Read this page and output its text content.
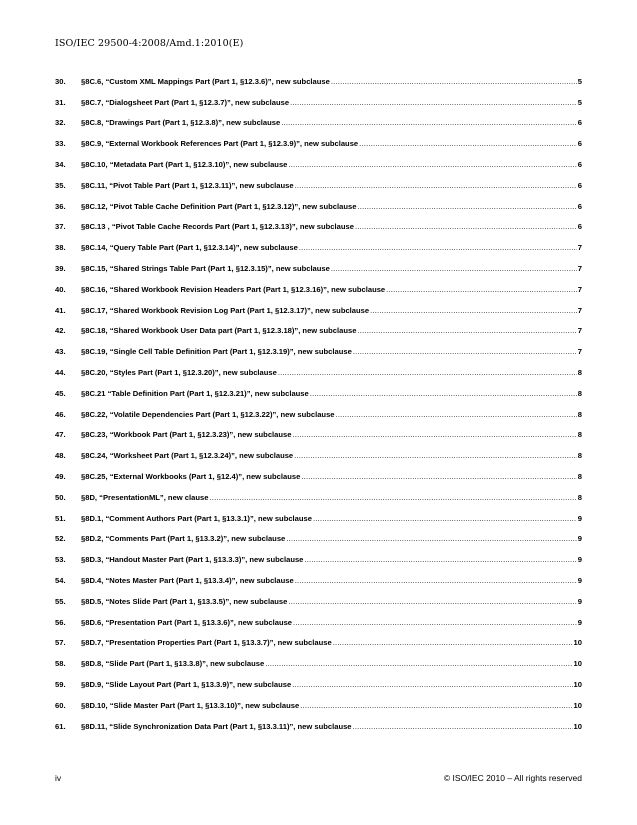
ISO/IEC 29500-4:2008/Amd.1:2010(E)
30.	§8C.6, “Custom XML Mappings Part (Part 1, §12.3.6)”, new subclause .....	5
31.	§8C.7, “Dialogsheet Part (Part 1, §12.3.7)”, new subclause .....	5
32.	§8C.8, “Drawings Part (Part 1, §12.3.8)”, new subclause .....	6
33.	§8C.9, “External Workbook References Part (Part 1, §12.3.9)”, new subclause .....	6
34.	§8C.10, “Metadata Part (Part 1, §12.3.10)”, new subclause .....	6
35.	§8C.11, “Pivot Table Part (Part 1, §12.3.11)”, new subclause .....	6
36.	§8C.12, “Pivot Table Cache Definition Part (Part 1, §12.3.12)”, new subclause .....	6
37.	§8C.13 , “Pivot Table Cache Records Part (Part 1, §12.3.13)”, new subclause .....	6
38.	§8C.14, “Query Table Part (Part 1, §12.3.14)”, new subclause .....	7
39.	§8C.15, “Shared Strings Table Part (Part 1, §12.3.15)”, new subclause .....	7
40.	§8C.16, “Shared Workbook Revision Headers Part (Part 1, §12.3.16)”, new subclause .....	7
41.	§8C.17, “Shared Workbook Revision Log Part (Part 1, §12.3.17)”, new subclause .....	7
42.	§8C.18, “Shared Workbook User Data part (Part 1, §12.3.18)”, new subclause .....	7
43.	§8C.19, “Single Cell Table Definition Part (Part 1, §12.3.19)”, new subclause .....	7
44.	§8C.20, “Styles Part (Part 1, §12.3.20)”, new subclause .....	8
45.	§8C.21 “Table Definition Part (Part 1, §12.3.21)”, new subclause .....	8
46.	§8C.22, “Volatile Dependencies Part (Part 1, §12.3.22)”, new subclause .....	8
47.	§8C.23, “Workbook Part (Part 1, §12.3.23)”, new subclause .....	8
48.	§8C.24, “Worksheet Part (Part 1, §12.3.24)”, new subclause .....	8
49.	§8C.25, “External Workbooks (Part 1, §12.4)”, new subclause .....	8
50.	§8D, “PresentationML”, new clause .....	8
51.	§8D.1, “Comment Authors Part (Part 1, §13.3.1)”, new subclause .....	9
52.	§8D.2, “Comments Part (Part 1, §13.3.2)”, new subclause .....	9
53.	§8D.3, “Handout Master Part (Part 1, §13.3.3)”, new subclause .....	9
54.	§8D.4, “Notes Master Part (Part 1, §13.3.4)”, new subclause .....	9
55.	§8D.5, “Notes Slide Part (Part 1, §13.3.5)”, new subclause .....	9
56.	§8D.6, “Presentation Part (Part 1, §13.3.6)”, new subclause .....	9
57.	§8D.7, “Presentation Properties Part (Part 1, §13.3.7)”, new subclause .....	10
58.	§8D.8, “Slide Part (Part 1, §13.3.8)”, new subclause .....	10
59.	§8D.9, “Slide Layout Part (Part 1, §13.3.9)”, new subclause .....	10
60.	§8D.10, “Slide Master Part (Part 1, §13.3.10)”, new subclause .....	10
61.	§8D.11, “Slide Synchronization Data Part (Part 1, §13.3.11)”, new subclause .....	10
iv	© ISO/IEC 2010 – All rights reserved
